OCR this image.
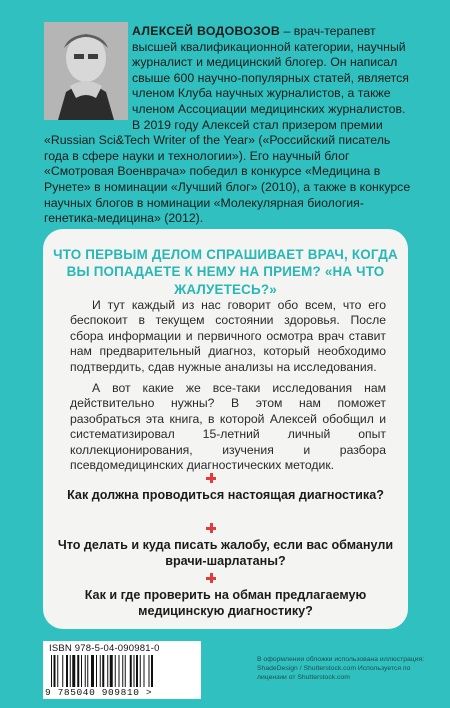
АЛЕКСЕЙ ВОДОВОЗОВ – врач-терапевт высшей квалификационной категории, научный журналист и медицинский блогер. Он написал свыше 600 научно-популярных статей, является членом Клуба научных журналистов, а также членом Ассоциации медицинских журналистов. В 2019 году Алексей стал призером премии «Russian Sci&Tech Writer of the Year» («Российский писатель года в сфере науки и технологии»). Его научный блог «Смотровая Военврача» победил в конкурсе «Медицина в Рунете» в номинации «Лучший блог» (2010), а также в конкурсе научных блогов в номинации «Молекулярная биология-генетика-медицина» (2012).
ЧТО ПЕРВЫМ ДЕЛОМ СПРАШИВАЕТ ВРАЧ, КОГДА ВЫ ПОПАДАЕТЕ К НЕМУ НА ПРИЕМ? «НА ЧТО ЖАЛУЕТЕСЬ?»

И тут каждый из нас говорит обо всем, что его беспокоит в текущем состоянии здоровья. После сбора информации и первичного осмотра врач ставит нам предварительный диагноз, который необходимо подтвердить, сдав нужные анализы на исследования.

А вот какие же все-таки исследования нам действительно нужны? В этом нам поможет разобраться эта книга, в которой Алексей обобщил и систематизировал 15-летний личный опыт коллекционирования, изучения и разбора псевдомедицинских диагностических методик.

Как должна проводиться настоящая диагностика?
Что делать и куда писать жалобу, если вас обманули врачи-шарлатаны?
Как и где проверить на обман предлагаемую медицинскую диагностику?
ISBN 978-5-04-090981-0
9 785040 909810 >
В оформлении обложки использована иллюстрация: ShadeDesign / Shutterstock.com Используется по лицензии от Shutterstock.com
